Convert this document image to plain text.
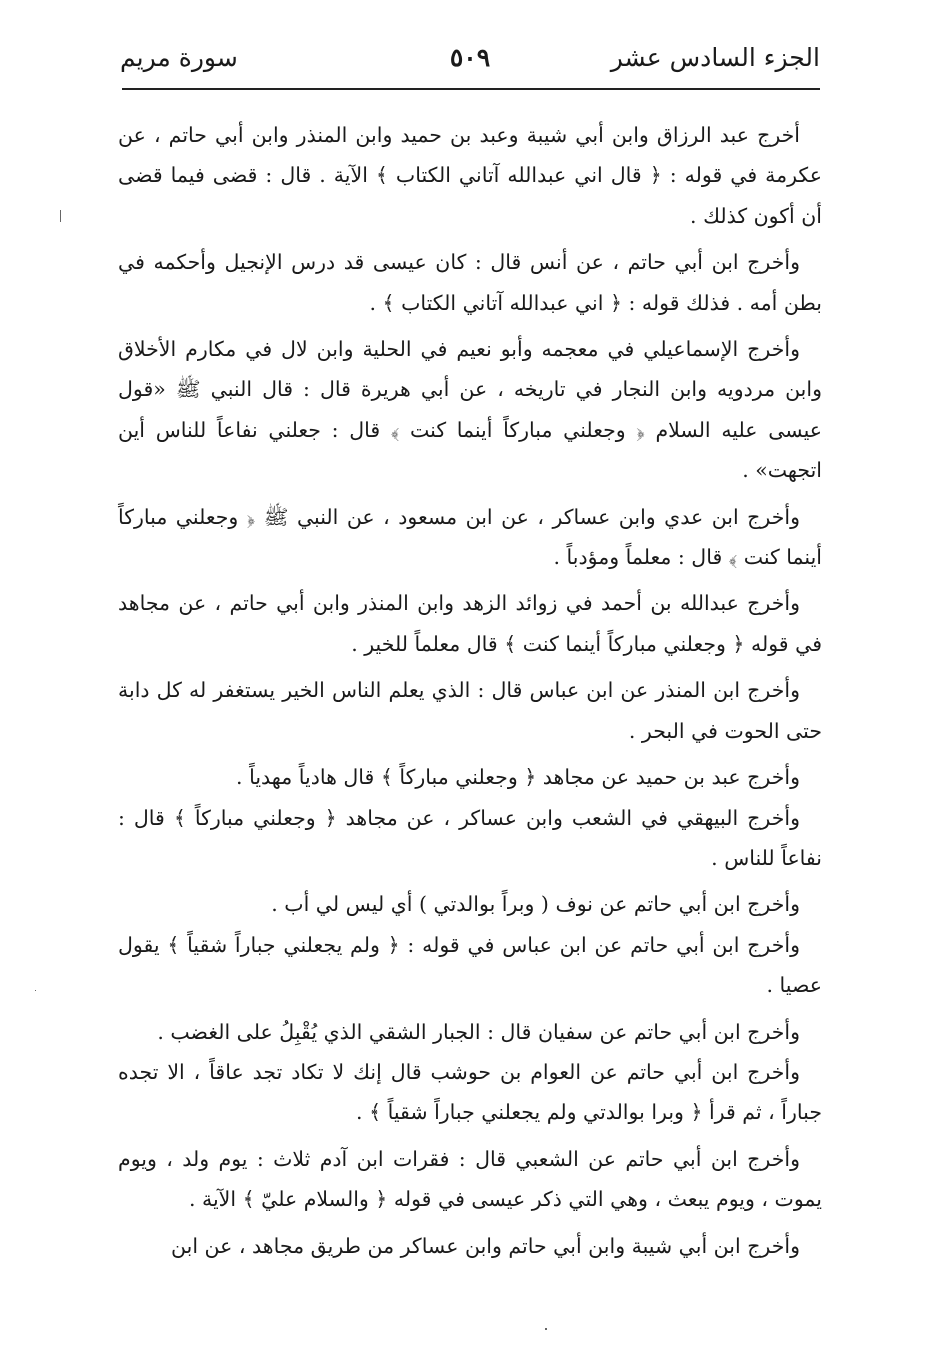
الجزء السادس عشر
٥٠٩
سورة مريم

أخرج عبد الرزاق وابن أبي شيبة وعبد بن حميد وابن المنذر وابن أبي حاتم ، عن عكرمة في قوله : ﴿ قال اني عبدالله آتاني الكتاب ﴾ الآية . قال : قضى فيما قضى أن أكون كذلك .

وأخرج ابن أبي حاتم ، عن أنس قال : كان عيسى قد درس الإنجيل وأحكمه في بطن أمه . فذلك قوله : ﴿ اني عبدالله آتاني الكتاب ﴾ .

وأخرج الإسماعيلي في معجمه وأبو نعيم في الحلية وابن لال في مكارم الأخلاق وابن مردويه وابن النجار في تاريخه ، عن أبي هريرة قال : قال النبي ﷺ «قول عيسى عليه السلام ﴿ وجعلني مباركاً أينما كنت ﴾ قال : جعلني نفاعاً للناس أين اتجهت» .

وأخرج ابن عدي وابن عساكر ، عن ابن مسعود ، عن النبي ﷺ ﴿ وجعلني مباركاً أينما كنت ﴾ قال : معلماً ومؤدباً .

وأخرج عبدالله بن أحمد في زوائد الزهد وابن المنذر وابن أبي حاتم ، عن مجاهد في قوله ﴿ وجعلني مباركاً أينما كنت ﴾ قال معلماً للخير .

وأخرج ابن المنذر عن ابن عباس قال : الذي يعلم الناس الخير يستغفر له كل دابة حتى الحوت في البحر .

وأخرج عبد بن حميد عن مجاهد ﴿ وجعلني مباركاً ﴾ قال هادياً مهدياً .

وأخرج البيهقي في الشعب وابن عساكر ، عن مجاهد ﴿ وجعلني مباركاً ﴾ قال : نفاعاً للناس .

وأخرج ابن أبي حاتم عن نوف ( وبراً بوالدتي ) أي ليس لي أب .

وأخرج ابن أبي حاتم عن ابن عباس في قوله : ﴿ ولم يجعلني جباراً شقياً ﴾ يقول عصيا .

وأخرج ابن أبي حاتم عن سفيان قال : الجبار الشقي الذي يُقْبِلُ على الغضب .

وأخرج ابن أبي حاتم عن العوام بن حوشب قال إنك لا تكاد تجد عاقاً ، الا تجده جباراً ، ثم قرأ ﴿ وبرا بوالدتي ولم يجعلني جباراً شقياً ﴾ .

وأخرج ابن أبي حاتم عن الشعبي قال : فقرات ابن آدم ثلاث : يوم ولد ، ويوم يموت ، ويوم يبعث ، وهي التي ذكر عيسى في قوله ﴿ والسلام عليّ ﴾ الآية .

وأخرج ابن أبي شيبة وابن أبي حاتم وابن عساكر من طريق مجاهد ، عن ابن
